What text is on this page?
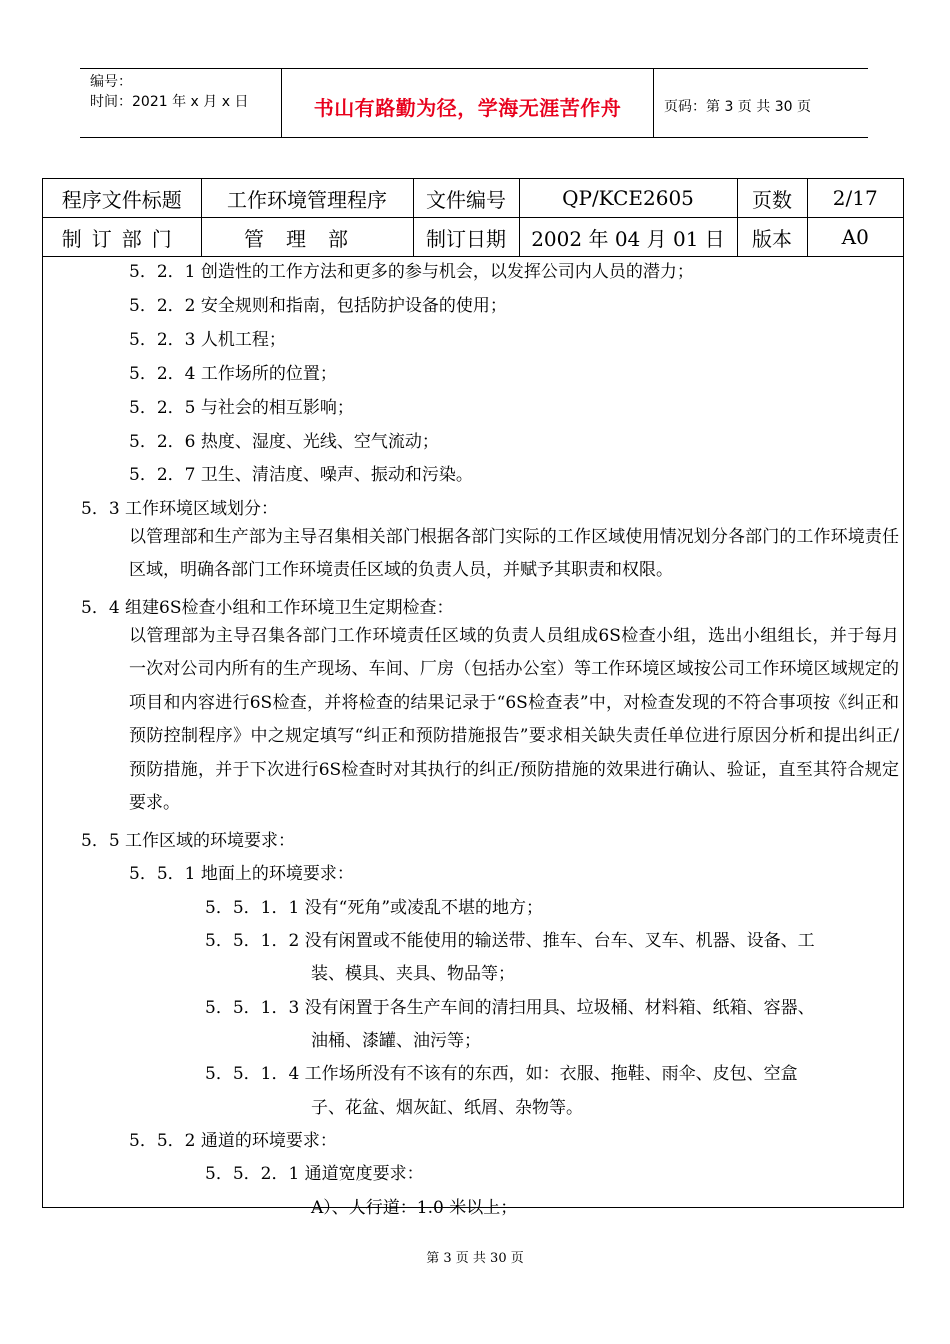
编号：
时间：2021 年 x 月 x 日	书山有路勤为径，学海无涯苦作舟	页码：第 3 页 共 30 页
程序文件标题	工作环境管理程序	文件编号	QP/KCE2605	页数	2/17
制订部门	管理部	制订日期	2002 年 04 月 01 日	版本	A0
5．2．1 创造性的工作方法和更多的参与机会，以发挥公司内人员的潜力；
5．2．2 安全规则和指南，包括防护设备的使用；
5．2．3 人机工程；
5．2．4 工作场所的位置；
5．2．5 与社会的相互影响；
5．2．6 热度、湿度、光线、空气流动；
5．2．7 卫生、清洁度、噪声、振动和污染。
5．3 工作环境区域划分：
以管理部和生产部为主导召集相关部门根据各部门实际的工作区域使用情况划分各部门的工作环境责任区域，明确各部门工作环境责任区域的负责人员，并赋予其职责和权限。
5．4 组建6S检查小组和工作环境卫生定期检查：
以管理部为主导召集各部门工作环境责任区域的负责人员组成6S检查小组，选出小组组长，并于每月一次对公司内所有的生产现场、车间、厂房（包括办公室）等工作环境区域按公司工作环境区域规定的项目和内容进行6S检查，并将检查的结果记录于“6S检查表”中，对检查发现的不符合事项按《纠正和预防控制程序》中之规定填写“纠正和预防措施报告”要求相关缺失责任单位进行原因分析和提出纠正/预防措施，并于下次进行6S检查时对其执行的纠正/预防措施的效果进行确认、验证，直至其符合规定要求。
5．5 工作区域的环境要求：
5．5．1 地面上的环境要求：
5．5．1．1 没有“死角”或凌乱不堪的地方；
5．5．1．2 没有闲置或不能使用的输送带、推车、台车、叉车、机器、设备、工
装、模具、夹具、物品等；
5．5．1．3 没有闲置于各生产车间的清扫用具、垃圾桶、材料箱、纸箱、容器、
油桶、漆罐、油污等；
5．5．1．4 工作场所没有不该有的东西，如：衣服、拖鞋、雨伞、皮包、空盒
子、花盆、烟灰缸、纸屑、杂物等。
5．5．2 通道的环境要求：
5．5．2．1 通道宽度要求：
A）、人行道：1.0 米以上；
第 3 页 共 30 页
